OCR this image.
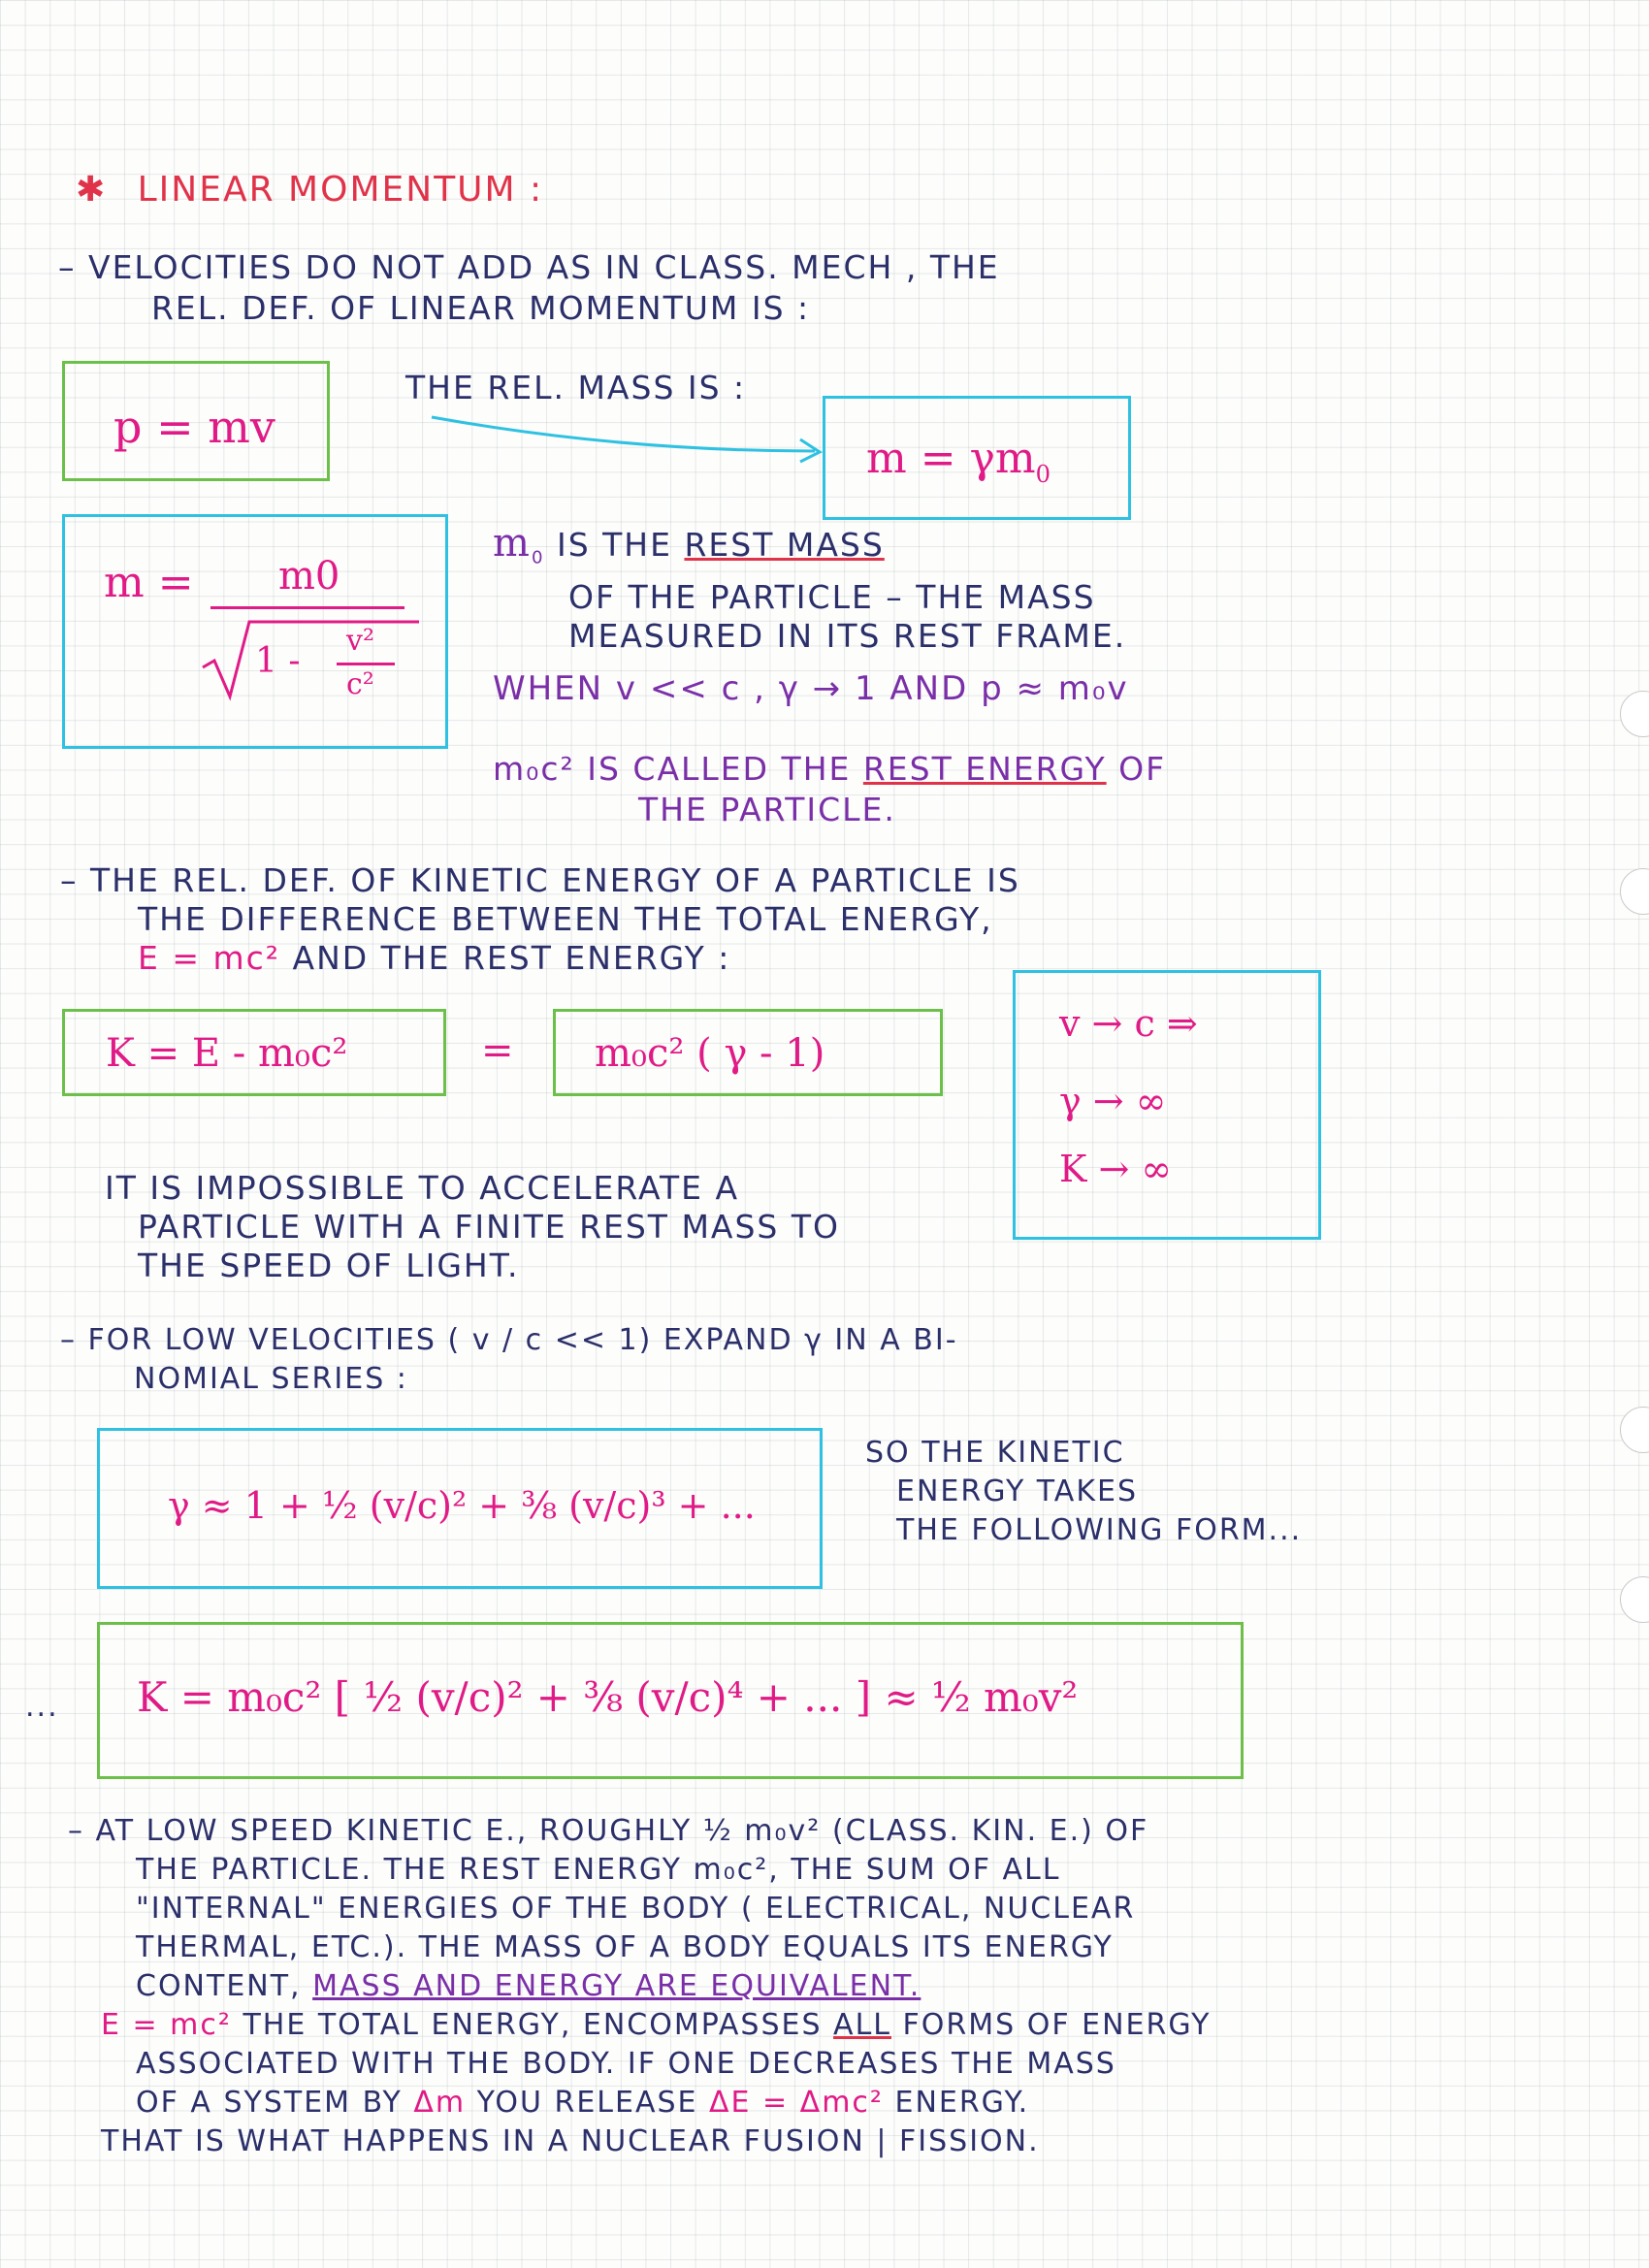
✱ LINEAR MOMENTUM :
– VELOCITIES DO NOT ADD AS IN CLASS. MECH , THE
REL. DEF. OF LINEAR MOMENTUM IS :
p = mv
THE REL. MASS IS :
$m = \gamma m_0$
m = m0
1 -
v²
c²
$m_0$ IS THE REST MASS
OF THE PARTICLE – THE MASS
MEASURED IN ITS REST FRAME.
WHEN v << c , γ → 1 AND p ≈ m₀v
m₀c² IS CALLED THE REST ENERGY OF
THE PARTICLE.
– THE REL. DEF. OF KINETIC ENERGY OF A PARTICLE IS
THE DIFFERENCE BETWEEN THE TOTAL ENERGY,
E = mc² AND THE REST ENERGY :
K = E - m₀c²	= m₀c² ( γ - 1)
v → c ⇒
γ → ∞
K → ∞
IT IS IMPOSSIBLE TO ACCELERATE A
PARTICLE WITH A FINITE REST MASS TO
THE SPEED OF LIGHT.
– FOR LOW VELOCITIES ( v / c << 1) EXPAND γ IN A BI-
NOMIAL SERIES :
γ ≈ 1 + ½ (v/c)² + ⅜ (v/c)³ + ...
SO THE KINETIC
ENERGY TAKES
THE FOLLOWING FORM...
... K = m₀c² [ ½ (v/c)² + ⅜ (v/c)⁴ + ... ] ≈ ½ m₀v²
– AT LOW SPEED KINETIC E., ROUGHLY ½ m₀v² (CLASS. KIN. E.) OF
THE PARTICLE. THE REST ENERGY m₀c², THE SUM OF ALL
"INTERNAL" ENERGIES OF THE BODY ( ELECTRICAL, NUCLEAR
THERMAL, ETC.). THE MASS OF A BODY EQUALS ITS ENERGY
CONTENT, MASS AND ENERGY ARE EQUIVALENT.
E = mc² THE TOTAL ENERGY, ENCOMPASSES ALL FORMS OF ENERGY
ASSOCIATED WITH THE BODY. IF ONE DECREASES THE MASS
OF A SYSTEM BY Δm YOU RELEASE ΔE = Δmc² ENERGY.
THAT IS WHAT HAPPENS IN A NUCLEAR FUSION | FISSION.
